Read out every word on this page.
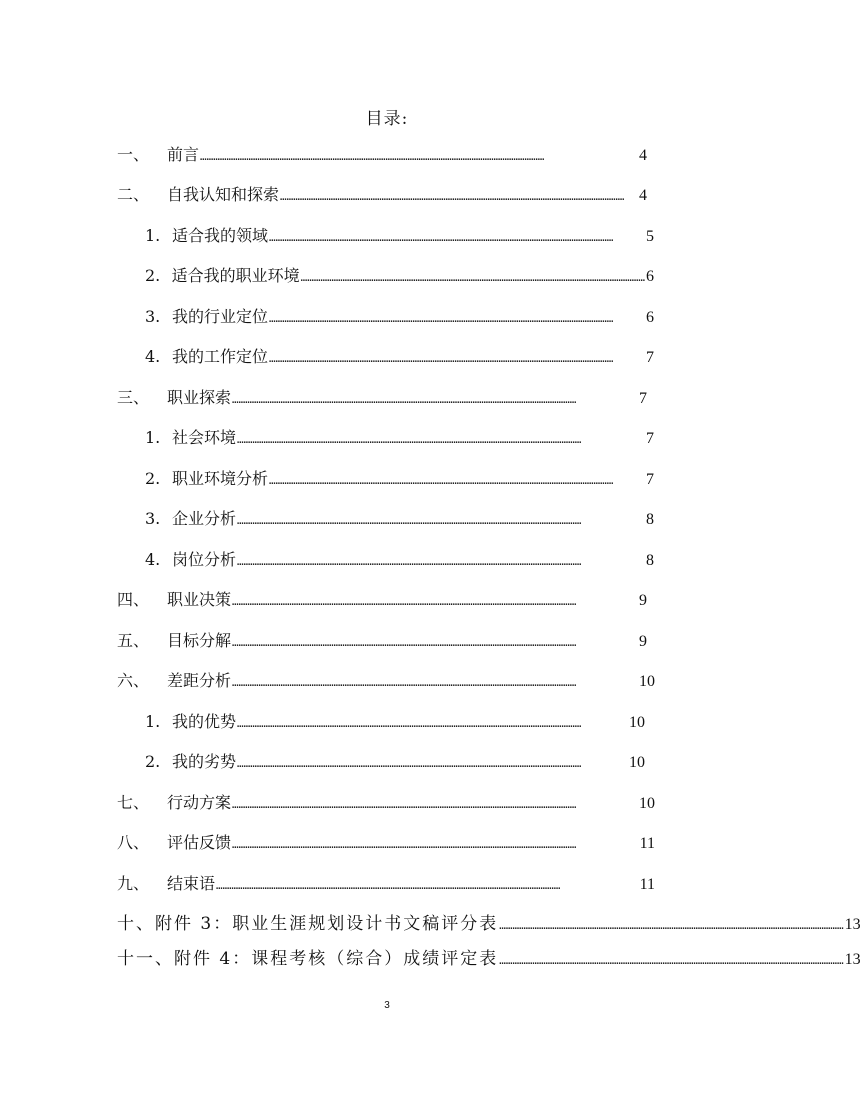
目录:
一、	前言 …………………………………………………………………………………………………………………………………………	4
二、	自我认知和探索 ………………………………………………………………………………………………………………………………………… 4
1. 适合我的领域 …………………………………………………………………………………………………………………………………………	5
2. 适合我的职业环境 ………………………………………………………………………………………………………………………………………… 6
3. 我的行业定位 …………………………………………………………………………………………………………………………………………	6
4. 我的工作定位 …………………………………………………………………………………………………………………………………………	7
三、	职业探索 …………………………………………………………………………………………………………………………………………	7
1. 社会环境 …………………………………………………………………………………………………………………………………………	7
2. 职业环境分析 …………………………………………………………………………………………………………………………………………	7
3. 企业分析 …………………………………………………………………………………………………………………………………………	8
4. 岗位分析 …………………………………………………………………………………………………………………………………………	8
四、	职业决策 …………………………………………………………………………………………………………………………………………	9
五、	目标分解 …………………………………………………………………………………………………………………………………………	9
六、	差距分析 …………………………………………………………………………………………………………………………………………	10
1. 我的优势 …………………………………………………………………………………………………………………………………………	10
2. 我的劣势 …………………………………………………………………………………………………………………………………………	10
七、	行动方案 …………………………………………………………………………………………………………………………………………	10
八、	评估反馈 …………………………………………………………………………………………………………………………………………	11
九、	结束语 …………………………………………………………………………………………………………………………………………	11
十、 附件 3：职业生涯规划设计书文稿评分表 ………………………………………………………………………………………………………………………………………… 13
十一、 附件 4：课程考核（综合）成绩评定表 ………………………………………………………………………………………………………………………………………… 13
3
